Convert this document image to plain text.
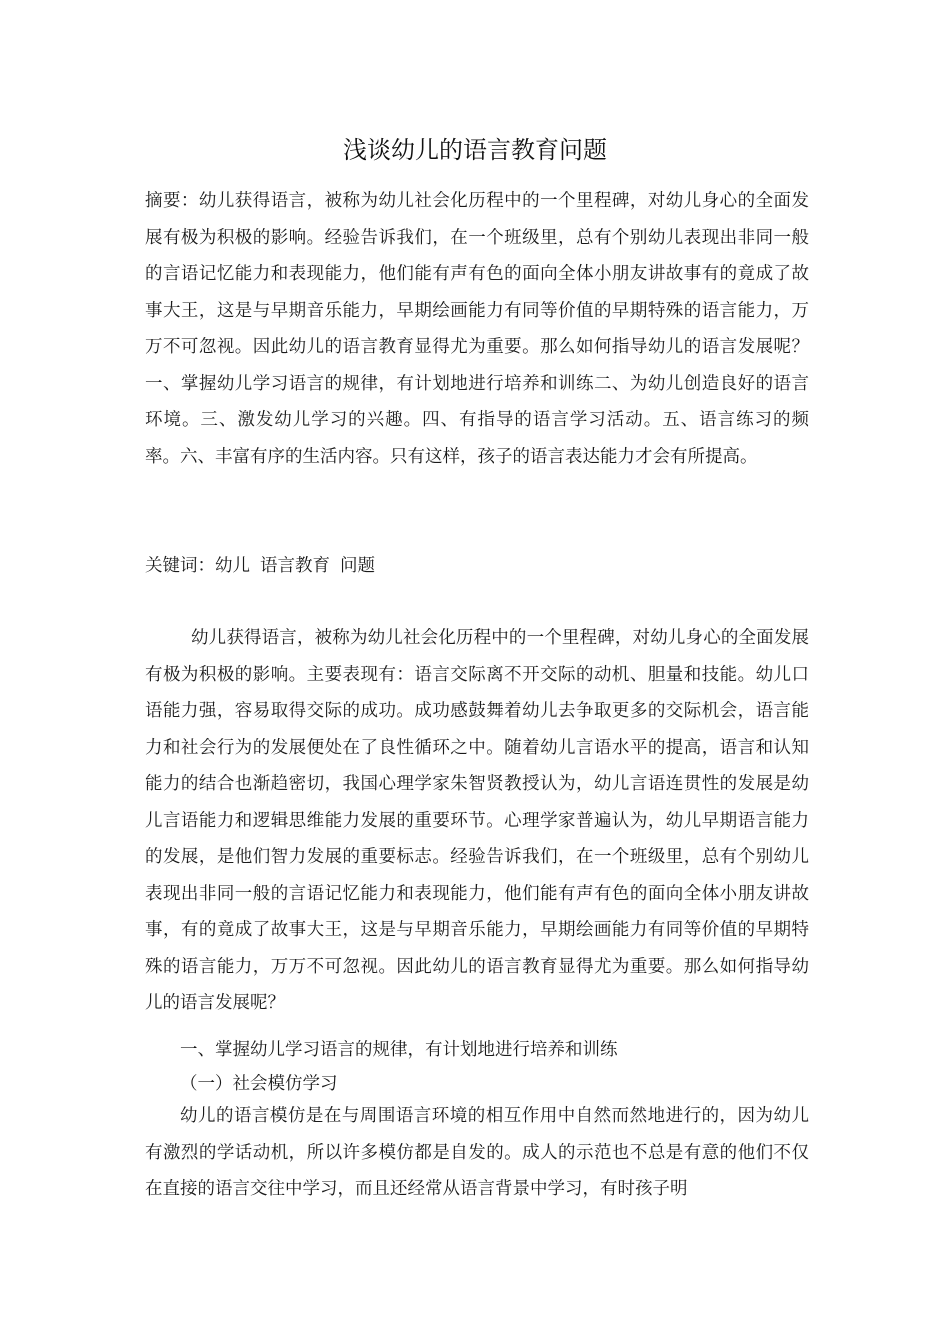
浅谈幼儿的语言教育问题
摘要：幼儿获得语言，被称为幼儿社会化历程中的一个里程碑，对幼儿身心的全面发展有极为积极的影响。经验告诉我们，在一个班级里，总有个别幼儿表现出非同一般的言语记忆能力和表现能力，他们能有声有色的面向全体小朋友讲故事有的竟成了故事大王，这是与早期音乐能力，早期绘画能力有同等价值的早期特殊的语言能力，万万不可忽视。因此幼儿的语言教育显得尤为重要。那么如何指导幼儿的语言发展呢？一、掌握幼儿学习语言的规律，有计划地进行培养和训练二、为幼儿创造良好的语言环境。三、激发幼儿学习的兴趣。四、有指导的语言学习活动。五、语言练习的频率。六、丰富有序的生活内容。只有这样，孩子的语言表达能力才会有所提高。
关键词：幼儿 语言教育 问题
幼儿获得语言，被称为幼儿社会化历程中的一个里程碑，对幼儿身心的全面发展有极为积极的影响。主要表现有：语言交际离不开交际的动机、胆量和技能。幼儿口语能力强，容易取得交际的成功。成功感鼓舞着幼儿去争取更多的交际机会，语言能力和社会行为的发展便处在了良性循环之中。随着幼儿言语水平的提高，语言和认知能力的结合也渐趋密切，我国心理学家朱智贤教授认为，幼儿言语连贯性的发展是幼儿言语能力和逻辑思维能力发展的重要环节。心理学家普遍认为，幼儿早期语言能力的发展，是他们智力发展的重要标志。经验告诉我们，在一个班级里，总有个别幼儿表现出非同一般的言语记忆能力和表现能力，他们能有声有色的面向全体小朋友讲故事，有的竟成了故事大王，这是与早期音乐能力，早期绘画能力有同等价值的早期特殊的语言能力，万万不可忽视。因此幼儿的语言教育显得尤为重要。那么如何指导幼儿的语言发展呢？
一、掌握幼儿学习语言的规律，有计划地进行培养和训练
（一）社会模仿学习
幼儿的语言模仿是在与周围语言环境的相互作用中自然而然地进行的，因为幼儿有激烈的学话动机，所以许多模仿都是自发的。成人的示范也不总是有意的他们不仅在直接的语言交往中学习，而且还经常从语言背景中学习，有时孩子明
